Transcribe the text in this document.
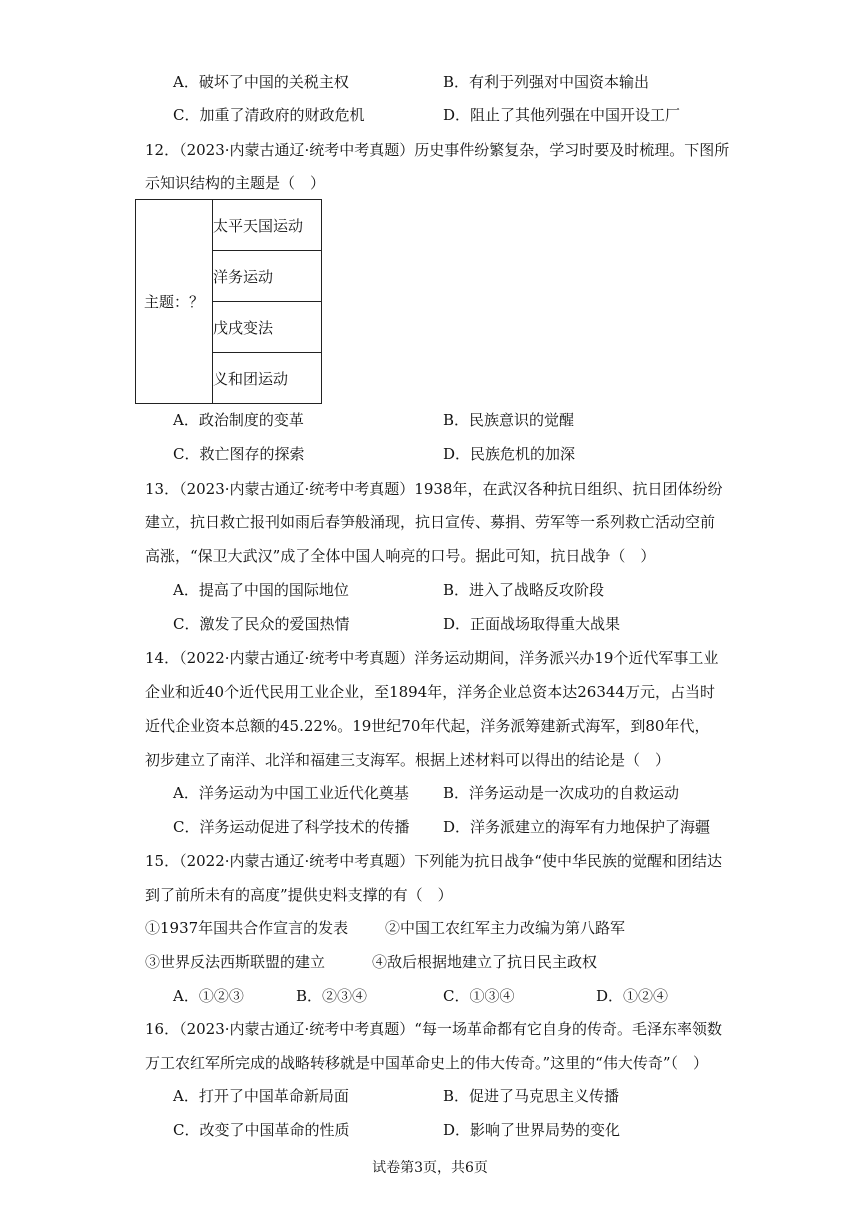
A．破坏了中国的关税主权	B．有利于列强对中国资本输出
C．加重了清政府的财政危机	D．阻止了其他列强在中国开设工厂
12．（2023·内蒙古通辽·统考中考真题）历史事件纷繁复杂，学习时要及时梳理。下图所
示知识结构的主题是（　）
主题：？	太平天国运动
洋务运动
戊戌变法
义和团运动
A．政治制度的变革	B．民族意识的觉醒
C．救亡图存的探索	D．民族危机的加深
13．（2023·内蒙古通辽·统考中考真题）1938年，在武汉各种抗日组织、抗日团体纷纷
建立，抗日救亡报刊如雨后春笋般涌现，抗日宣传、募捐、劳军等一系列救亡活动空前
高涨，“保卫大武汉”成了全体中国人响亮的口号。据此可知，抗日战争（　）
A．提高了中国的国际地位	B．进入了战略反攻阶段
C．激发了民众的爱国热情	D．正面战场取得重大战果
14．（2022·内蒙古通辽·统考中考真题）洋务运动期间，洋务派兴办19个近代军事工业
企业和近40个近代民用工业企业，至1894年，洋务企业总资本达26344万元，占当时
近代企业资本总额的45.22%。19世纪70年代起，洋务派筹建新式海军，到80年代，
初步建立了南洋、北洋和福建三支海军。根据上述材料可以得出的结论是（　）
A．洋务运动为中国工业近代化奠基 B．洋务运动是一次成功的自救运动
C．洋务运动促进了科学技术的传播 D．洋务派建立的海军有力地保护了海疆
15．（2022·内蒙古通辽·统考中考真题）下列能为抗日战争“使中华民族的觉醒和团结达
到了前所未有的高度”提供史料支撑的有（　）
①1937年国共合作宣言的发表 ②中国工农红军主力改编为第八路军
③世界反法西斯联盟的建立	④敌后根据地建立了抗日民主政权
A．①②③	B．②③④	C．①③④	D．①②④
16．（2023·内蒙古通辽·统考中考真题）“每一场革命都有它自身的传奇。毛泽东率领数
万工农红军所完成的战略转移就是中国革命史上的伟大传奇。”这里的“伟大传奇”（　）
A．打开了中国革命新局面	B．促进了马克思主义传播
C．改变了中国革命的性质	D．影响了世界局势的变化
试卷第3页，共6页
